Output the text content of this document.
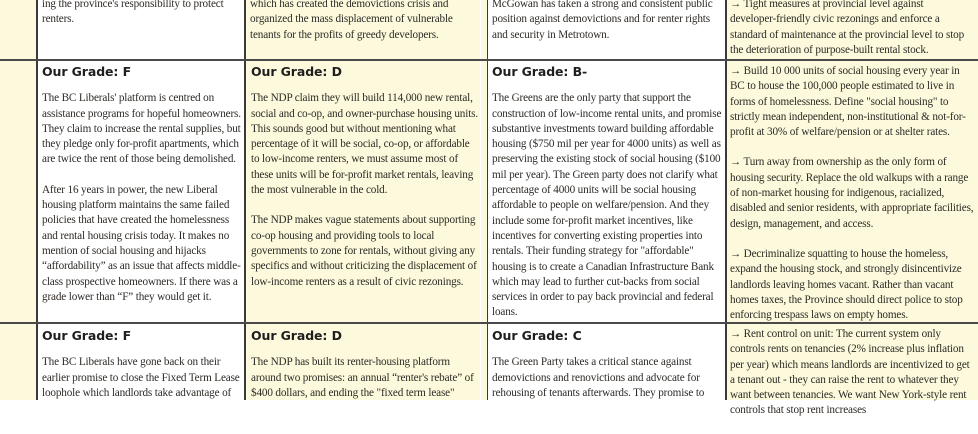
ing the province's responsibility to protect renters.

which has created the demovictions crisis and organized the mass displacement of vulnerable tenants for the profits of greedy developers.

McGowan has taken a strong and consistent public position against demovictions and for renter rights and security in Metrotown.

→ Tight measures at provincial level against developer-friendly civic rezonings and enforce a standard of maintenance at the provincial level to stop the deterioration of purpose-built rental stock.

Our Grade: F

The BC Liberals' platform is centred on assistance programs for hopeful homeowners. They claim to increase the rental supplies, but they pledge only for-profit apartments, which are twice the rent of those being demolished.

After 16 years in power, the new Liberal housing platform maintains the same failed policies that have created the homelessness and rental housing crisis today. It makes no mention of social housing and hijacks “affordability” as an issue that affects middle-class prospective homeowners. If there was a grade lower than “F” they would get it.

Our Grade: D

The NDP claim they will build 114,000 new rental, social and co-op, and owner-purchase housing units. This sounds good but without mentioning what percentage of it will be social, co-op, or affordable to low-income renters, we must assume most of these units will be for-profit market rentals, leaving the most vulnerable in the cold.

The NDP makes vague statements about supporting co-op housing and providing tools to local governments to zone for rentals, without giving any specifics and without criticizing the displacement of low-income renters as a result of civic rezonings.

Our Grade: B-

The Greens are the only party that support the construction of low-income rental units, and promise substantive investments toward building affordable housing ($750 mil per year for 4000 units) as well as preserving the existing stock of social housing ($100 mil per year). The Green party does not clarify what percentage of 4000 units will be social housing affordable to people on welfare/pension. And they include some for-profit market incentives, like incentives for converting existing properties into rentals. Their funding strategy for "affordable" housing is to create a Canadian Infrastructure Bank which may lead to further cut-backs from social services in order to pay back provincial and federal loans.

→ Build 10 000 units of social housing every year in BC to house the 100,000 people estimated to live in forms of homelessness. Define "social housing" to strictly mean independent, non-institutional & not-for-profit at 30% of welfare/pension or at shelter rates.

→ Turn away from ownership as the only form of housing security. Replace the old walkups with a range of non-market housing for indigenous, racialized, disabled and senior residents, with appropriate facilities, design, management, and access.

→ Decriminalize squatting to house the homeless, expand the housing stock, and strongly disincentivize landlords leaving homes vacant. Rather than vacant homes taxes, the Province should direct police to stop enforcing trespass laws on empty homes.

Our Grade: F

The BC Liberals have gone back on their earlier promise to close the Fixed Term Lease loophole which landlords take advantage of

Our Grade: D

The NDP has built its renter-housing platform around two promises: an annual “renter's rebate” of $400 dollars, and ending the "fixed term lease"

Our Grade: C

The Green Party takes a critical stance against demovictions and renovictions and advocate for rehousing of tenants afterwards. They promise to

→ Rent control on unit: The current system only controls rents on tenancies (2% increase plus inflation per year) which means landlords are incentivized to get a tenant out - they can raise the rent to whatever they want between tenancies. We want New York-style rent controls that stop rent increases
